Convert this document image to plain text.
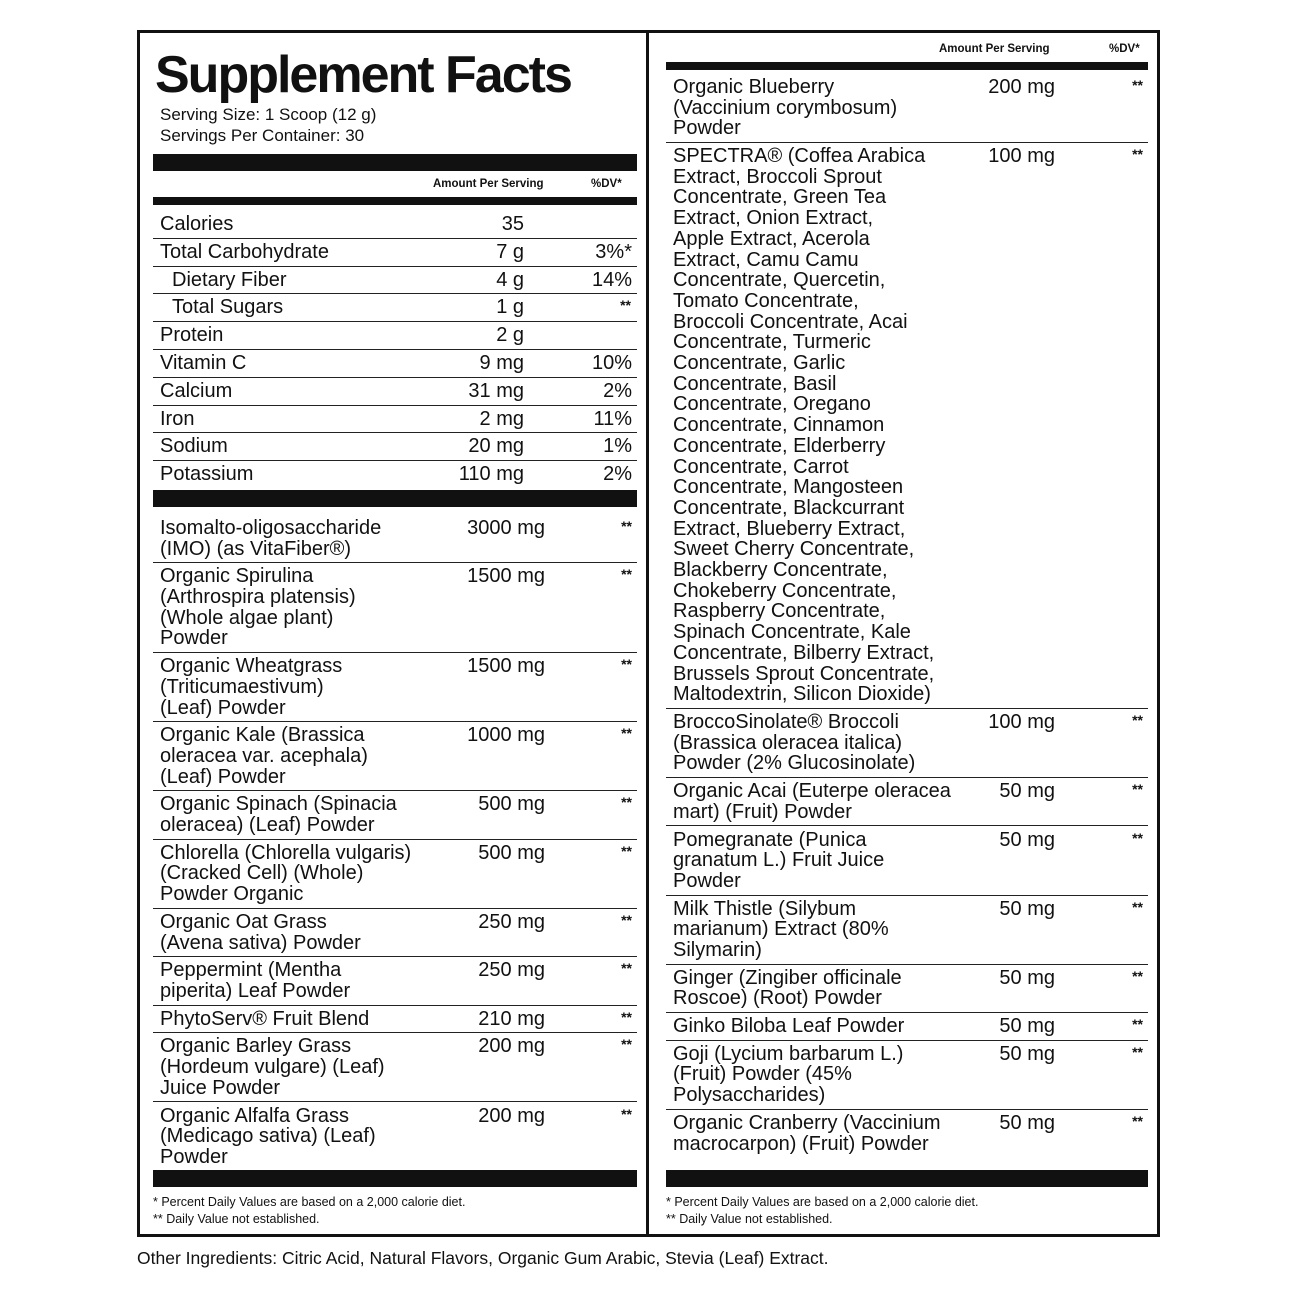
Supplement Facts
Serving Size: 1 Scoop (12 g)
Servings Per Container: 30
Amount Per Serving	%DV*
Calories	35
Total Carbohydrate	7 g	3%*
Dietary Fiber	4 g	14%
Total Sugars	1 g	**
Protein	2 g
Vitamin C	9 mg	10%
Calcium	31 mg	2%
Iron	2 mg	11%
Sodium	20 mg	1%
Potassium	110 mg	2%
Isomalto-oligosaccharide
(IMO) (as VitaFiber®)
3000 mg	**
Organic Spirulina
(Arthrospira platensis)
(Whole algae plant)
Powder
1500 mg	**
Organic Wheatgrass
(Triticumaestivum)
(Leaf) Powder
1500 mg	**
Organic Kale (Brassica
oleracea var. acephala)
(Leaf) Powder
1000 mg	**
Organic Spinach (Spinacia
oleracea) (Leaf) Powder
500 mg	**
Chlorella (Chlorella vulgaris)
(Cracked Cell) (Whole)
Powder Organic
500 mg	**
Organic Oat Grass
(Avena sativa) Powder
250 mg	**
Peppermint (Mentha
piperita) Leaf Powder
250 mg	**
PhytoServ® Fruit Blend	210 mg	**
Organic Barley Grass
(Hordeum vulgare) (Leaf)
Juice Powder
200 mg	**
Organic Alfalfa Grass
(Medicago sativa) (Leaf)
Powder
200 mg	**
* Percent Daily Values are based on a 2,000 calorie diet.
** Daily Value not established.
Amount Per Serving	%DV*
Organic Blueberry
(Vaccinium corymbosum)
Powder
200 mg	**
SPECTRA® (Coffea Arabica
Extract, Broccoli Sprout
Concentrate, Green Tea
Extract, Onion Extract,
Apple Extract, Acerola
Extract, Camu Camu
Concentrate, Quercetin,
Tomato Concentrate,
Broccoli Concentrate, Acai
Concentrate, Turmeric
Concentrate, Garlic
Concentrate, Basil
Concentrate, Oregano
Concentrate, Cinnamon
Concentrate, Elderberry
Concentrate, Carrot
Concentrate, Mangosteen
Concentrate, Blackcurrant
Extract, Blueberry Extract,
Sweet Cherry Concentrate,
Blackberry Concentrate,
Chokeberry Concentrate,
Raspberry Concentrate,
Spinach Concentrate, Kale
Concentrate, Bilberry Extract,
Brussels Sprout Concentrate,
Maltodextrin, Silicon Dioxide)
100 mg	**
BroccoSinolate® Broccoli
(Brassica oleracea italica)
Powder (2% Glucosinolate)
100 mg	**
Organic Acai (Euterpe oleracea
mart) (Fruit) Powder
50 mg	**
Pomegranate (Punica
granatum L.) Fruit Juice
Powder
50 mg	**
Milk Thistle (Silybum
marianum) Extract (80%
Silymarin)
50 mg	**
Ginger (Zingiber officinale
Roscoe) (Root) Powder
50 mg	**
Ginko Biloba Leaf Powder	50 mg	**
Goji (Lycium barbarum L.)
(Fruit) Powder (45%
Polysaccharides)
50 mg	**
Organic Cranberry (Vaccinium
macrocarpon) (Fruit) Powder
50 mg	**
* Percent Daily Values are based on a 2,000 calorie diet.
** Daily Value not established.
Other Ingredients: Citric Acid, Natural Flavors, Organic Gum Arabic, Stevia (Leaf) Extract.
